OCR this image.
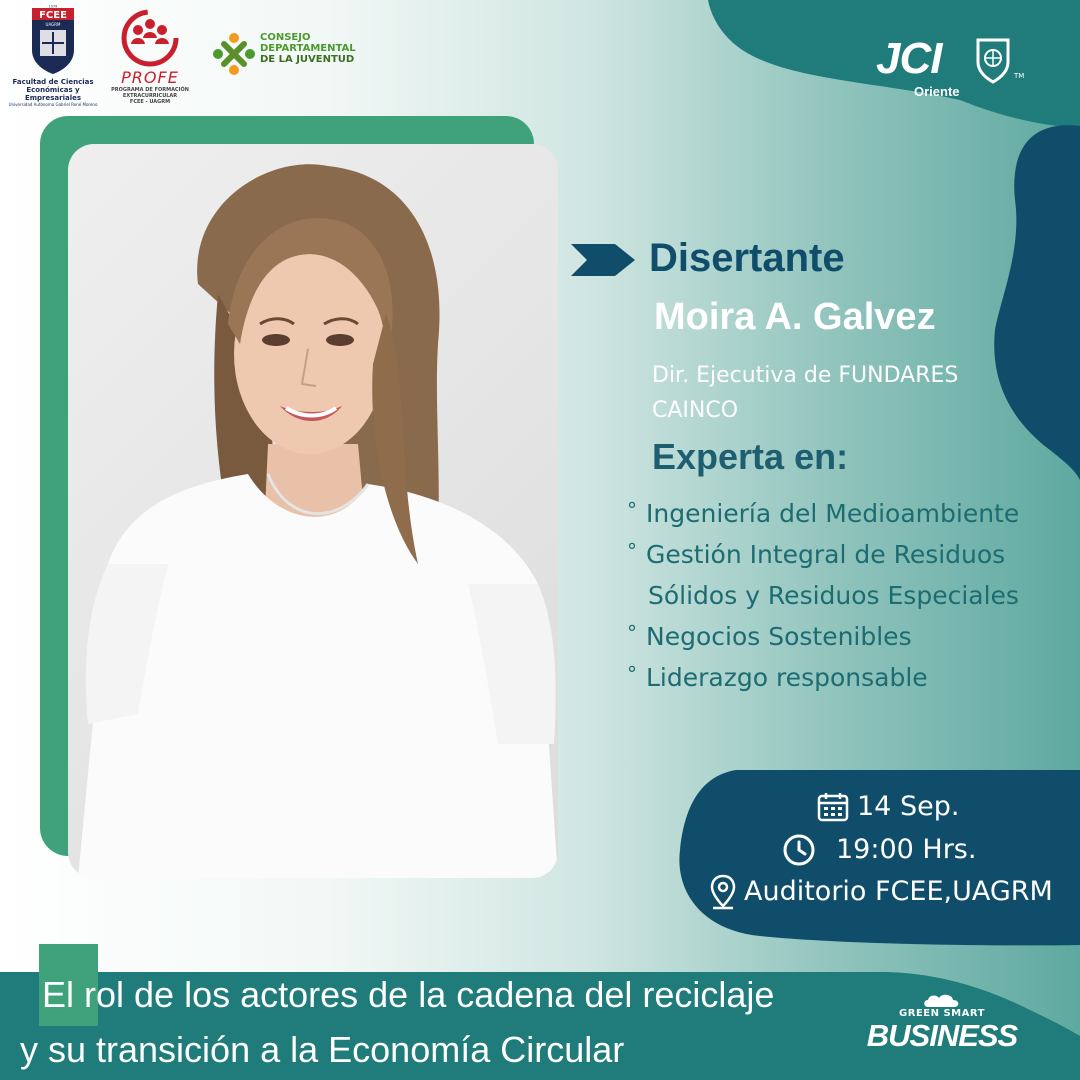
FCEE
UAGRM
1979
Facultad de Ciencias
Económicas y Empresariales
Universidad Autónoma Gabriel René Moreno
PROFE
PROGRAMA DE FORMACIÓN
EXTRACURRICULAR
FCEE - UAGRM
CONSEJO
DEPARTAMENTAL
DE LA JUVENTUD	JCI	TM
Oriente
Disertante
Moira A. Galvez
Dir. Ejecutiva de FUNDARES
CAINCO
Experta en:
° Ingeniería del Medioambiente
° Gestión Integral de Residuos
Sólidos y Residuos Especiales
° Negocios Sostenibles
° Liderazgo responsable
14 Sep.
19:00 Hrs.
Auditorio FCEE,UAGRM
El rol de los actores de la cadena del reciclaje
y su transición a la Economía Circular
GREEN SMART
BUSINESS
